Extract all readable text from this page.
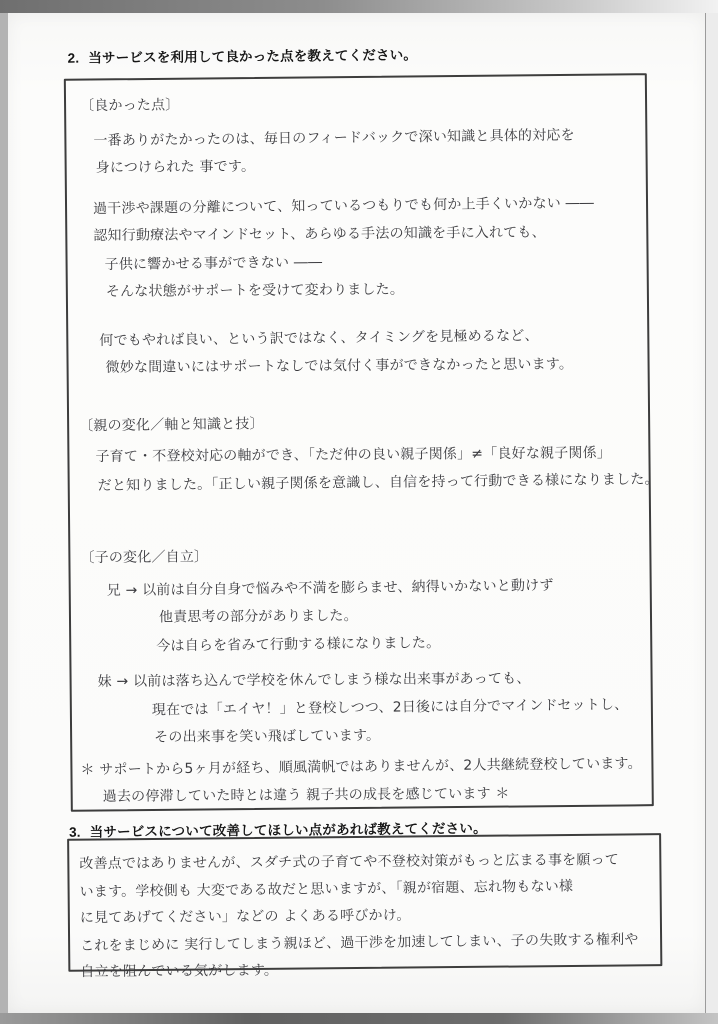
2. 当サービスを利用して良かった点を教えてください。
〔良かった点〕
一番ありがたかったのは、毎日のフィードバックで深い知識と具体的対応を
身につけられた 事です。
過干渉や課題の分離について、知っているつもりでも何か上手くいかない ――
認知行動療法やマインドセット、あらゆる手法の知識を手に入れても、
子供に響かせる事ができない ――
そんな状態がサポートを受けて変わりました。
何でもやれば良い、という訳ではなく、タイミングを見極めるなど、
微妙な間違いにはサポートなしでは気付く事ができなかったと思います。
〔親の変化／軸と知識と技〕
子育て・不登校対応の軸ができ、「ただ仲の良い親子関係」≠「良好な親子関係」
だと知りました。「正しい親子関係を意識し、自信を持って行動できる様になりました。
〔子の変化／自立〕
兄 → 以前は自分自身で悩みや不満を膨らませ、納得いかないと動けず
他責思考の部分がありました。
今は自らを省みて行動する様になりました。
妹 → 以前は落ち込んで学校を休んでしまう様な出来事があっても、
現在では「エイヤ！」と登校しつつ、2日後には自分でマインドセットし、
その出来事を笑い飛ばしています。
＊ サポートから5ヶ月が経ち、順風満帆ではありませんが、2人共継続登校しています。
過去の停滞していた時とは違う 親子共の成長を感じています ＊
3. 当サービスについて改善してほしい点があれば教えてください。
改善点ではありませんが、スダチ式の子育てや不登校対策がもっと広まる事を願って
います。学校側も 大変である故だと思いますが、「親が宿題、忘れ物もない様
に見てあげてください」などの よくある呼びかけ。
これをまじめに 実行してしまう親ほど、過干渉を加速してしまい、子の失敗する権利や
自立を阻んでいる気がします。
